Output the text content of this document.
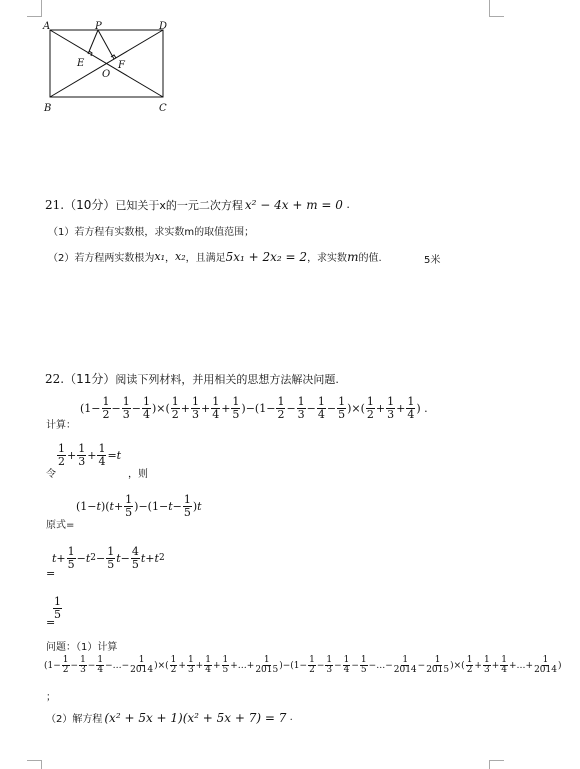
A	P	D
E	F
O
B	C
21. （10分） 已知关于x的一元二次方程 x² − 4x + m = 0 .
（1）若方程有实数根，求实数m的取值范围；
（2）若方程两实数根为 x₁ ， x₂ ，且满足 5x₁ + 2x₂ = 2 ，求实数 m 的值.	5米
22. （11分） 阅读下列材料，并用相关的思想方法解决问题.
计算：
($1- \frac{1}{2} - \frac{1}{3} - \frac{1}{4}$ )×( $\frac{1}{2} + \frac{1}{3} + \frac{1}{4} + \frac{1}{5} )-(1- \frac{1}{2} - \frac{1}{3} - \frac{1}{4} - \frac{1}{5}$ )×( $\frac{1}{2} + \frac{1}{3} + \frac{1}{4}$ ) .
令
$\frac{1}{2} + \frac{1}{3} + \frac{1}{4} = t$
，则
原式=
(1− t )( $t + \frac{1}{5} )-(1- t - \frac{1}{5}$ ) t
=
$t + \frac{1}{5} - t$ $2 - \frac{1}{5}$ $t - \frac{4}{5}$ t + t 2
=
$\frac{1}{5}$
问题：（1）计算
($1- \frac{1}{2} - \frac{1}{3} - \frac{1}{4}$ −…− $\frac{1}{2014}$ )×( $\frac{1}{2} + \frac{1}{3} + \frac{1}{4} + \frac{1}{5}$ +…+ $\frac{1}{2015} )-(1- \frac{1}{2} - \frac{1}{3} - \frac{1}{4} - \frac{1}{5}$ −…− $\frac{1}{2014} - \frac{1}{2015}$ )×( $\frac{1}{2} + \frac{1}{3} + \frac{1}{4}$ +…+ $\frac{1}{2014}$ )
；
（2）解方程 (x² + 5x + 1)(x² + 5x + 7) = 7 .
